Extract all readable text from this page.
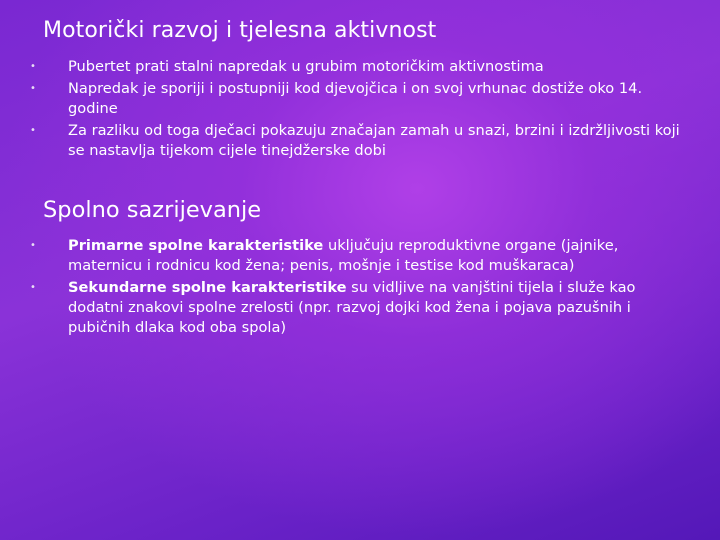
Motorički razvoj i tjelesna aktivnost
• Pubertet prati stalni napredak u grubim motoričkim aktivnostima
• Napredak je sporiji i postupniji kod djevojčica i on svoj vrhunac dostiže oko 14. godine
• Za razliku od toga dječaci pokazuju značajan zamah u snazi, brzini i izdržljivosti koji se nastavlja tijekom cijele tinejdžerske dobi
Spolno sazrijevanje
• Primarne spolne karakteristike uključuju reproduktivne organe (jajnike, maternicu i rodnicu kod žena; penis, mošnje i testise kod muškaraca)
• Sekundarne spolne karakteristike su vidljive na vanjštini tijela i služe kao dodatni znakovi spolne zrelosti (npr. razvoj dojki kod žena i pojava pazušnih i pubičnih dlaka kod oba spola)
